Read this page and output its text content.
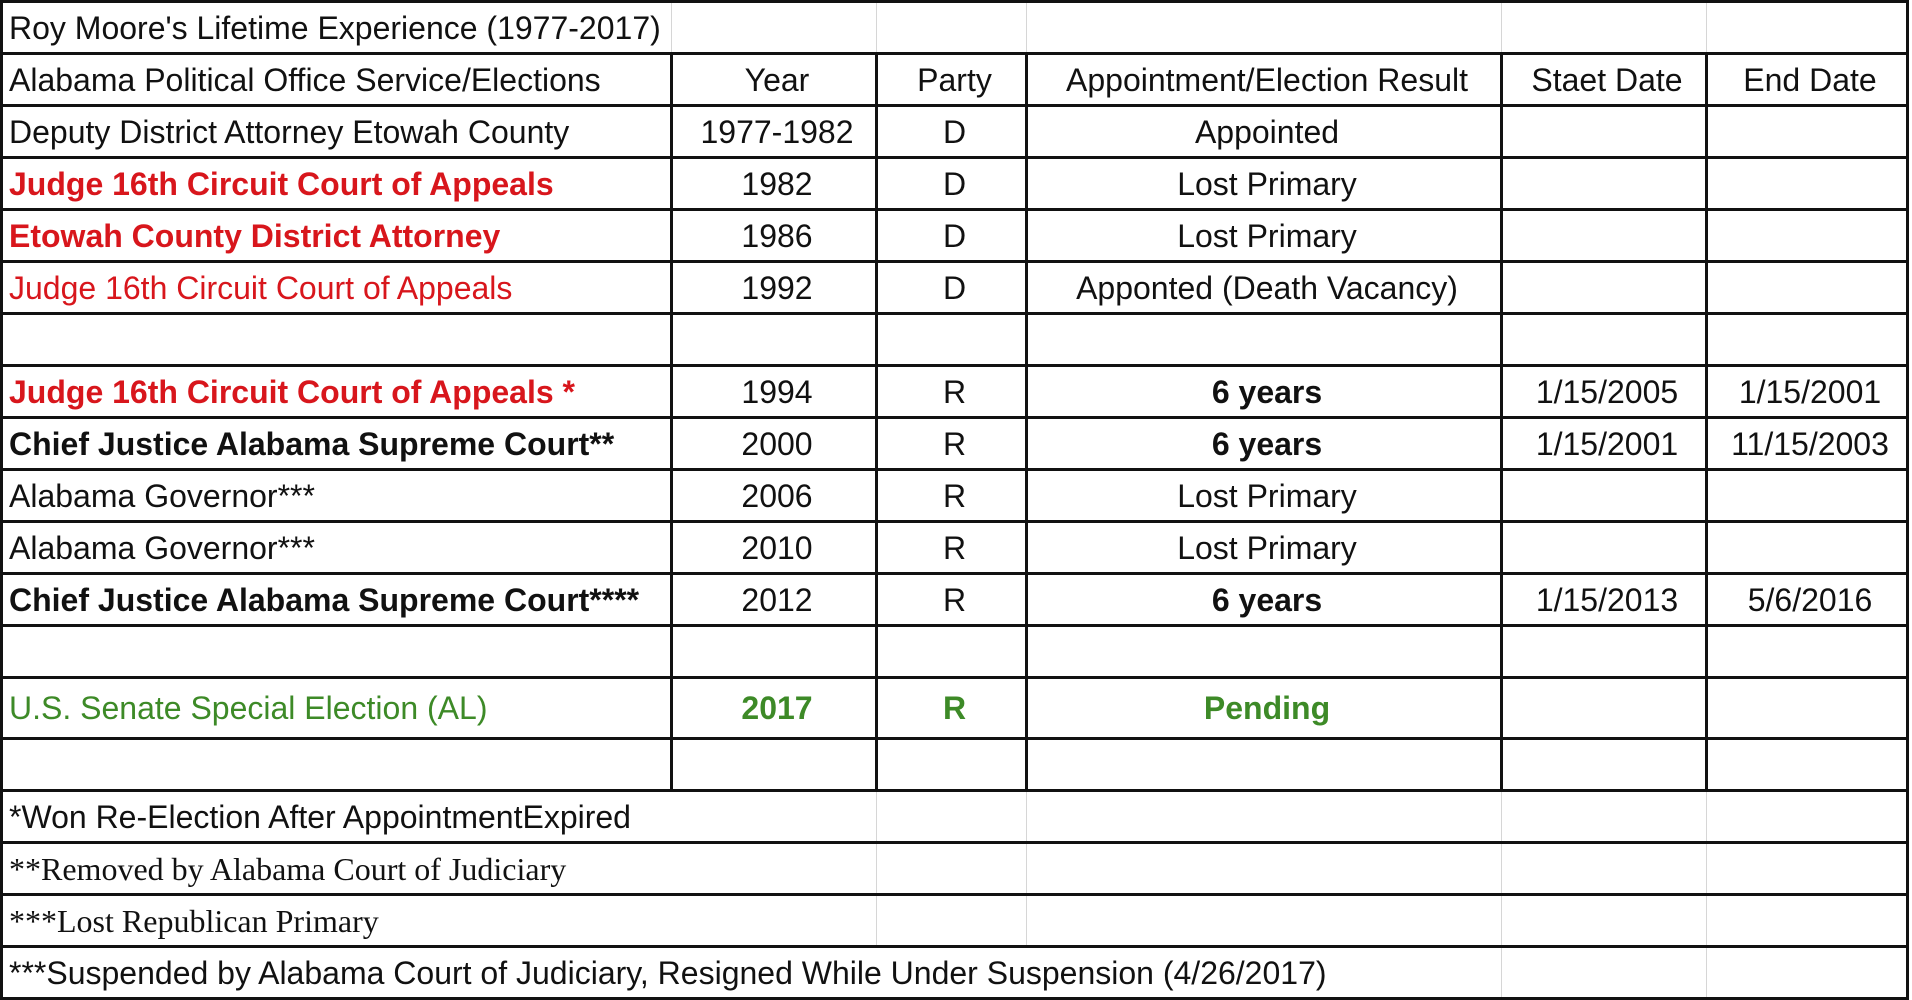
Roy Moore's Lifetime Experience (1977-2017)					
Alabama Political Office Service/Elections	Year	Party	Appointment/Election Result	Staet Date	End Date
Deputy District Attorney Etowah County	1977-1982	D	Appointed		
Judge 16th Circuit Court of Appeals	1982	D	Lost Primary		
Etowah County District Attorney	1986	D	Lost Primary		
Judge 16th Circuit Court of Appeals	1992	D	Apponted (Death Vacancy)		

Judge 16th Circuit Court of Appeals *	1994	R	6 years	1/15/2005	1/15/2001
Chief Justice Alabama Supreme Court**	2000	R	6 years	1/15/2001	11/15/2003
Alabama Governor***	2006	R	Lost Primary		
Alabama Governor***	2010	R	Lost Primary		
Chief Justice Alabama Supreme Court****	2012	R	6 years	1/15/2013	5/6/2016

U.S. Senate Special Election (AL)	2017	R	Pending		

*Won Re-Election After AppointmentExpired					
**Removed by Alabama Court of Judiciary					
***Lost Republican Primary					
***Suspended by Alabama Court of Judiciary, Resigned While Under Suspension (4/26/2017)					
